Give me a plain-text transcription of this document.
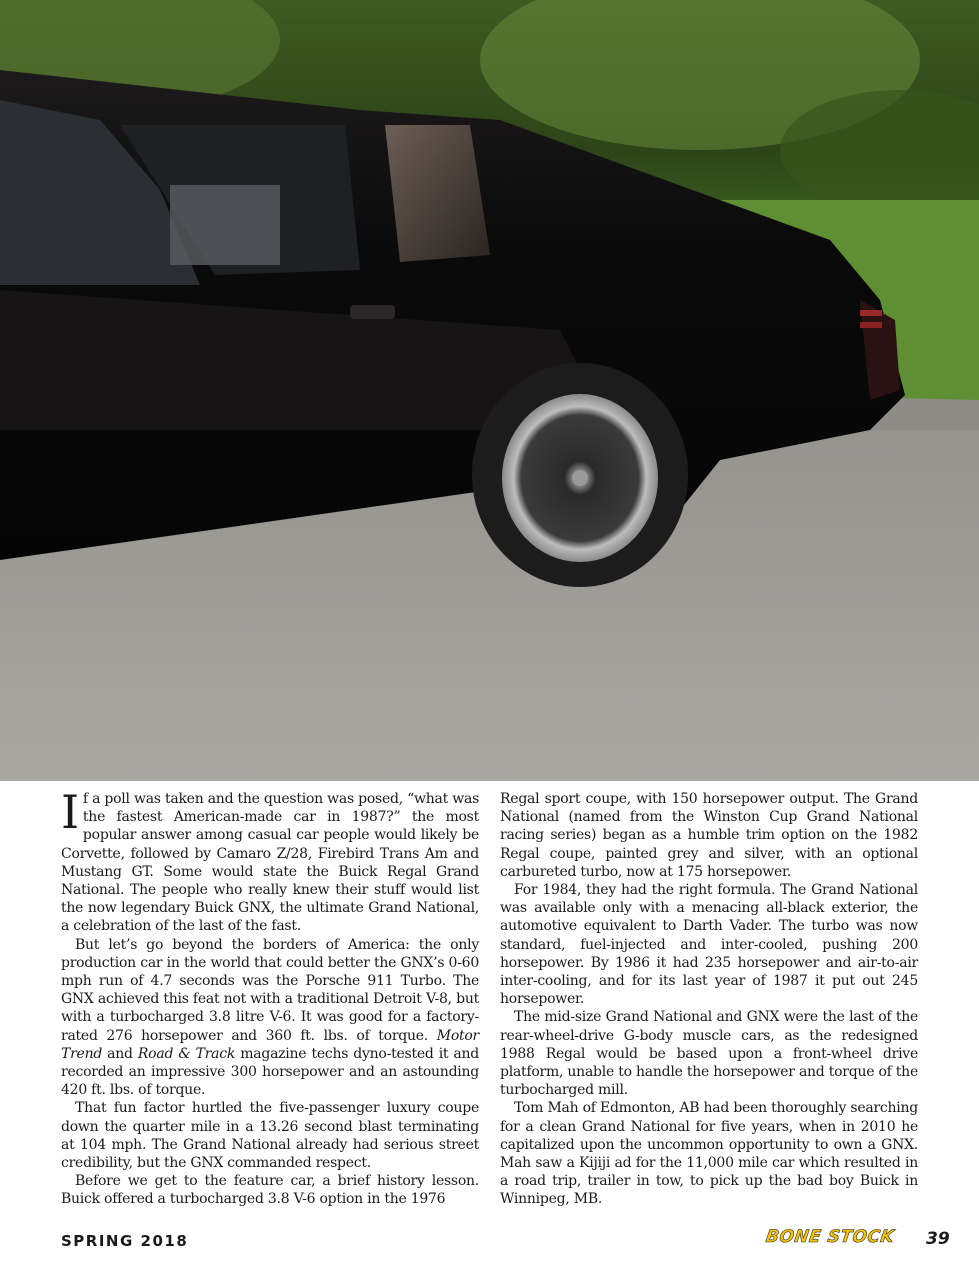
If a poll was taken and the question was posed, “what was the fastest American-made car in 1987?” the most popular answer among casual car people would likely be Corvette, followed by Camaro Z/28, Firebird Trans Am and Mustang GT. Some would state the Buick Regal Grand National. The people who really knew their stuff would list the now legendary Buick GNX, the ultimate Grand National, a celebration of the last of the fast.

But let’s go beyond the borders of America: the only production car in the world that could better the GNX’s 0-60 mph run of 4.7 seconds was the Porsche 911 Turbo. The GNX achieved this feat not with a traditional Detroit V-8, but with a turbocharged 3.8 litre V-6. It was good for a factory-rated 276 horsepower and 360 ft. lbs. of torque. Motor Trend and Road & Track magazine techs dyno-tested it and recorded an impressive 300 horsepower and an astounding 420 ft. lbs. of torque.

That fun factor hurtled the five-passenger luxury coupe down the quarter mile in a 13.26 second blast terminating at 104 mph. The Grand National already had serious street credibility, but the GNX commanded respect.

Before we get to the feature car, a brief history lesson. Buick offered a turbocharged 3.8 V-6 option in the 1976

Regal sport coupe, with 150 horsepower output. The Grand National (named from the Winston Cup Grand National racing series) began as a humble trim option on the 1982 Regal coupe, painted grey and silver, with an optional carbureted turbo, now at 175 horsepower.

For 1984, they had the right formula. The Grand National was available only with a menacing all-black exterior, the automotive equivalent to Darth Vader. The turbo was now standard, fuel-injected and inter-cooled, pushing 200 horsepower. By 1986 it had 235 horsepower and air-to-air inter-cooling, and for its last year of 1987 it put out 245 horsepower.

The mid-size Grand National and GNX were the last of the rear-wheel-drive G-body muscle cars, as the redesigned 1988 Regal would be based upon a front-wheel drive platform, unable to handle the horsepower and torque of the turbocharged mill.

Tom Mah of Edmonton, AB had been thoroughly searching for a clean Grand National for five years, when in 2010 he capitalized upon the uncommon opportunity to own a GNX. Mah saw a Kijiji ad for the 11,000 mile car which resulted in a road trip, trailer in tow, to pick up the bad boy Buick in Winnipeg, MB.

SPRING 2018	BONE STOCK 39
